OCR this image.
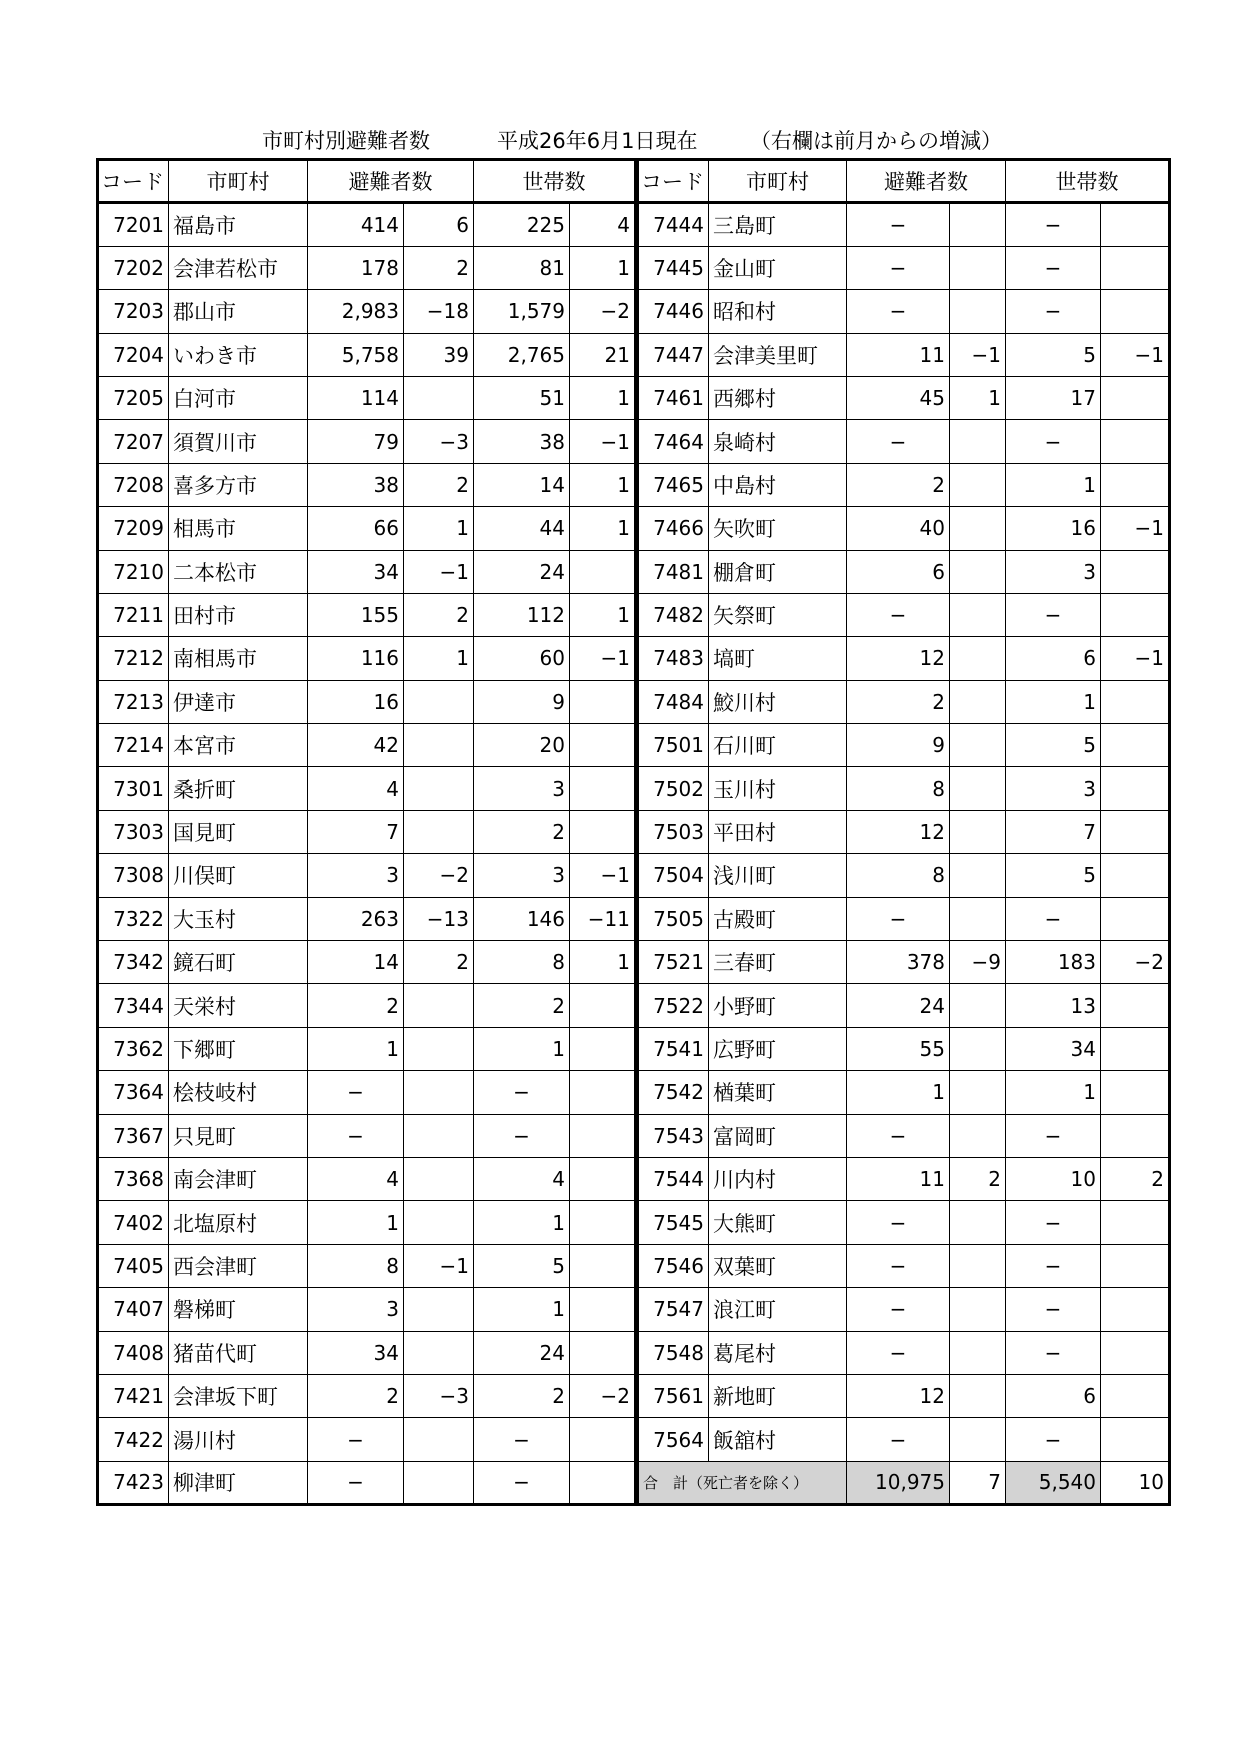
市町村別避難者数	平成26年6月1日現在	（右欄は前月からの増減）
コード	市町村	避難者数		世帯数	
7201	福島市	414	6	225	4
7202	会津若松市	178	2	81	1
7203	郡山市	2,983	−18	1,579	−2
7204	いわき市	5,758	39	2,765	21
7205	白河市	114		51	1
7207	須賀川市	79	−3	38	−1
7208	喜多方市	38	2	14	1
7209	相馬市	66	1	44	1
7210	二本松市	34	−1	24	
7211	田村市	155	2	112	1
7212	南相馬市	116	1	60	−1
7213	伊達市	16		9	
7214	本宮市	42		20	
7301	桑折町	4		3	
7303	国見町	7		2	
7308	川俣町	3	−2	3	−1
7322	大玉村	263	−13	146	−11
7342	鏡石町	14	2	8	1
7344	天栄村	2		2	
7362	下郷町	1		1	
7364	桧枝岐村	−		−	
7367	只見町	−		−	
7368	南会津町	4		4	
7402	北塩原村	1		1	
7405	西会津町	8	−1	5	
7407	磐梯町	3		1	
7408	猪苗代町	34		24	
7421	会津坂下町	2	−3	2	−2
7422	湯川村	−		−	
7423	柳津町	−		−	
コード	市町村	避難者数		世帯数	
7444	三島町	−		−	
7445	金山町	−		−	
7446	昭和村	−		−	
7447	会津美里町	11	−1	5	−1
7461	西郷村	45	1	17	
7464	泉崎村	−		−	
7465	中島村	2		1	
7466	矢吹町	40		16	−1
7481	棚倉町	6		3	
7482	矢祭町	−		−	
7483	塙町	12		6	−1
7484	鮫川村	2		1	
7501	石川町	9		5	
7502	玉川村	8		3	
7503	平田村	12		7	
7504	浅川町	8		5	
7505	古殿町	−		−	
7521	三春町	378	−9	183	−2
7522	小野町	24		13	
7541	広野町	55		34	
7542	楢葉町	1		1	
7543	富岡町	−		−	
7544	川内村	11	2	10	2
7545	大熊町	−		−	
7546	双葉町	−		−	
7547	浪江町	−		−	
7548	葛尾村	−		−	
7561	新地町	12		6	
7564	飯舘村	−		−	
合　計（死亡者を除く）		10,975	7	5,540	10
